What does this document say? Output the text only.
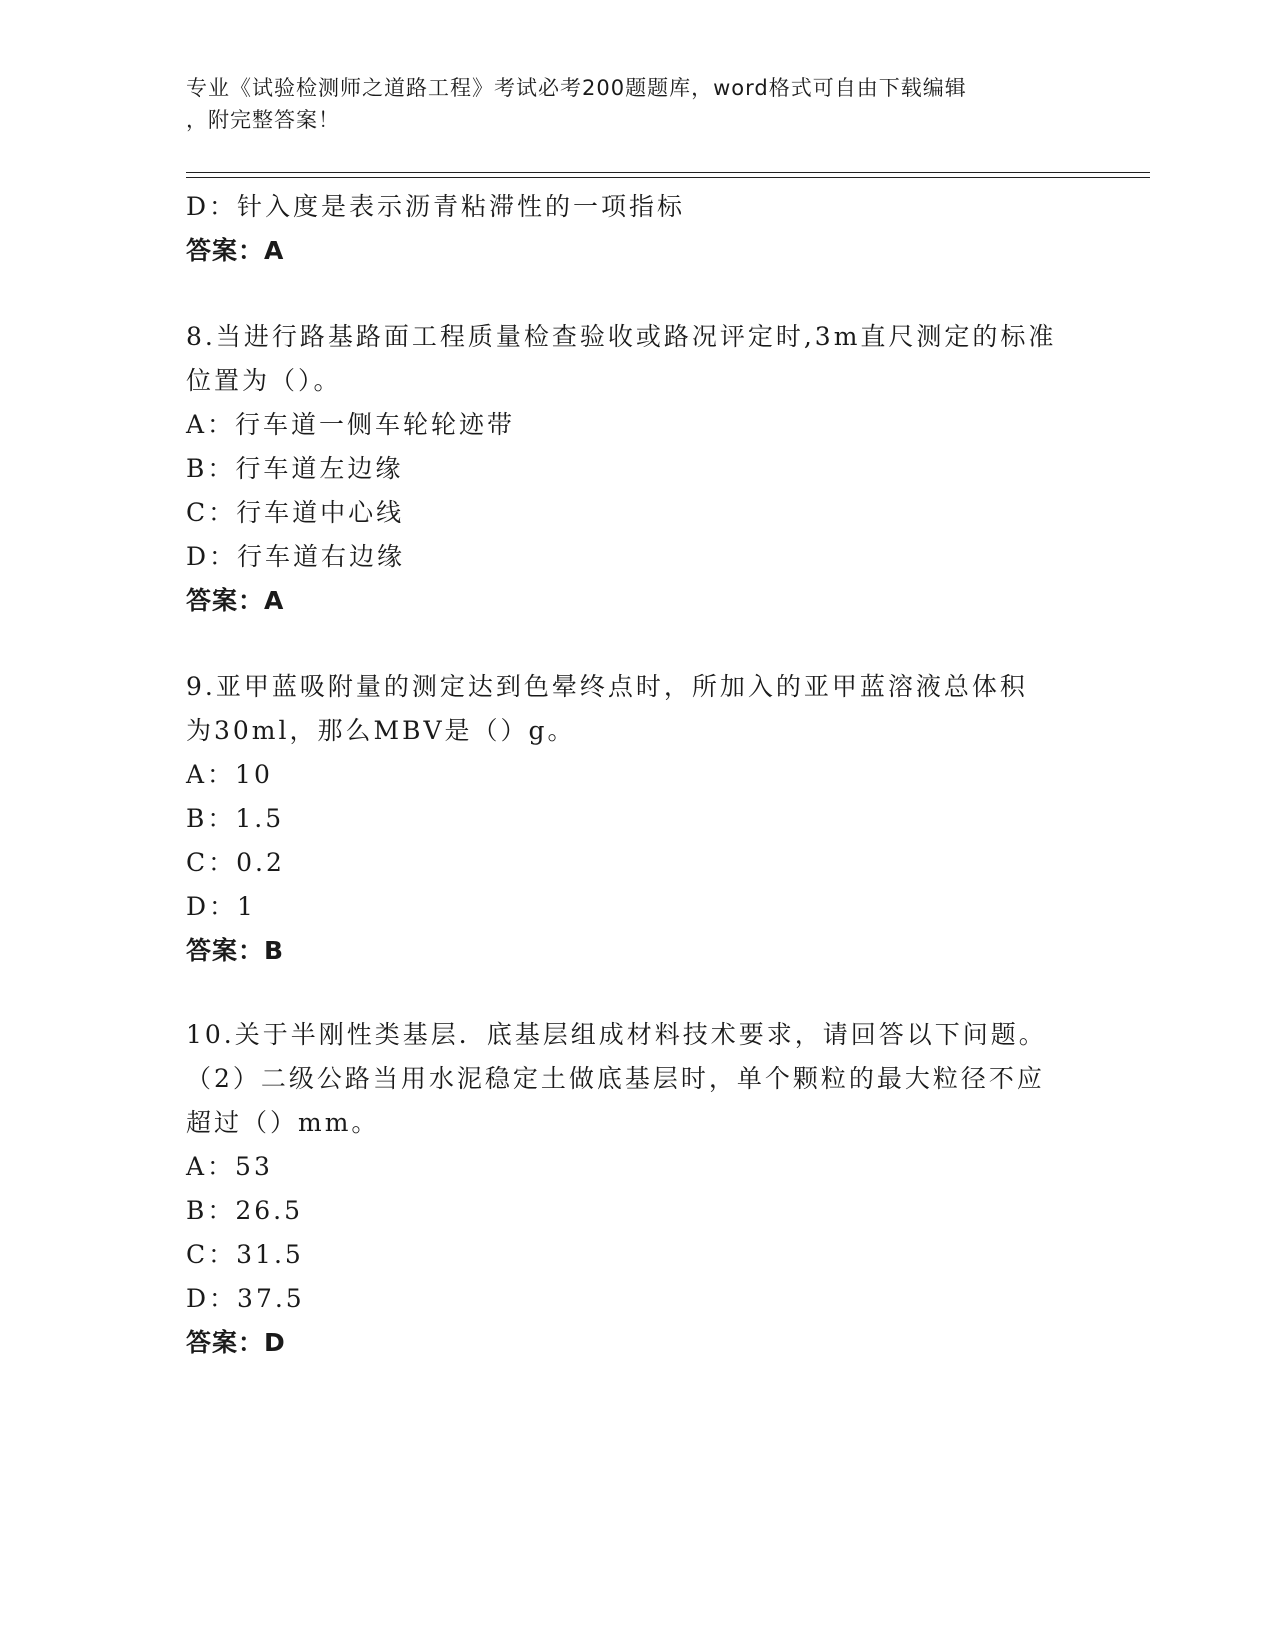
专业《试验检测师之道路工程》考试必考200题题库，word格式可自由下载编辑
，附完整答案！
D：针入度是表示沥青粘滞性的一项指标
答案：A
8.当进行路基路面工程质量检查验收或路况评定时,3m直尺测定的标准
位置为（）。
A：行车道一侧车轮轮迹带
B：行车道左边缘
C：行车道中心线
D：行车道右边缘
答案：A
9.亚甲蓝吸附量的测定达到色晕终点时，所加入的亚甲蓝溶液总体积
为30ml，那么MBV是（）g。
A：10
B：1.5
C：0.2
D：1
答案：B
10.关于半刚性类基层．底基层组成材料技术要求，请回答以下问题。
（2）二级公路当用水泥稳定土做底基层时，单个颗粒的最大粒径不应
超过（）mm。
A：53
B：26.5
C：31.5
D：37.5
答案：D
